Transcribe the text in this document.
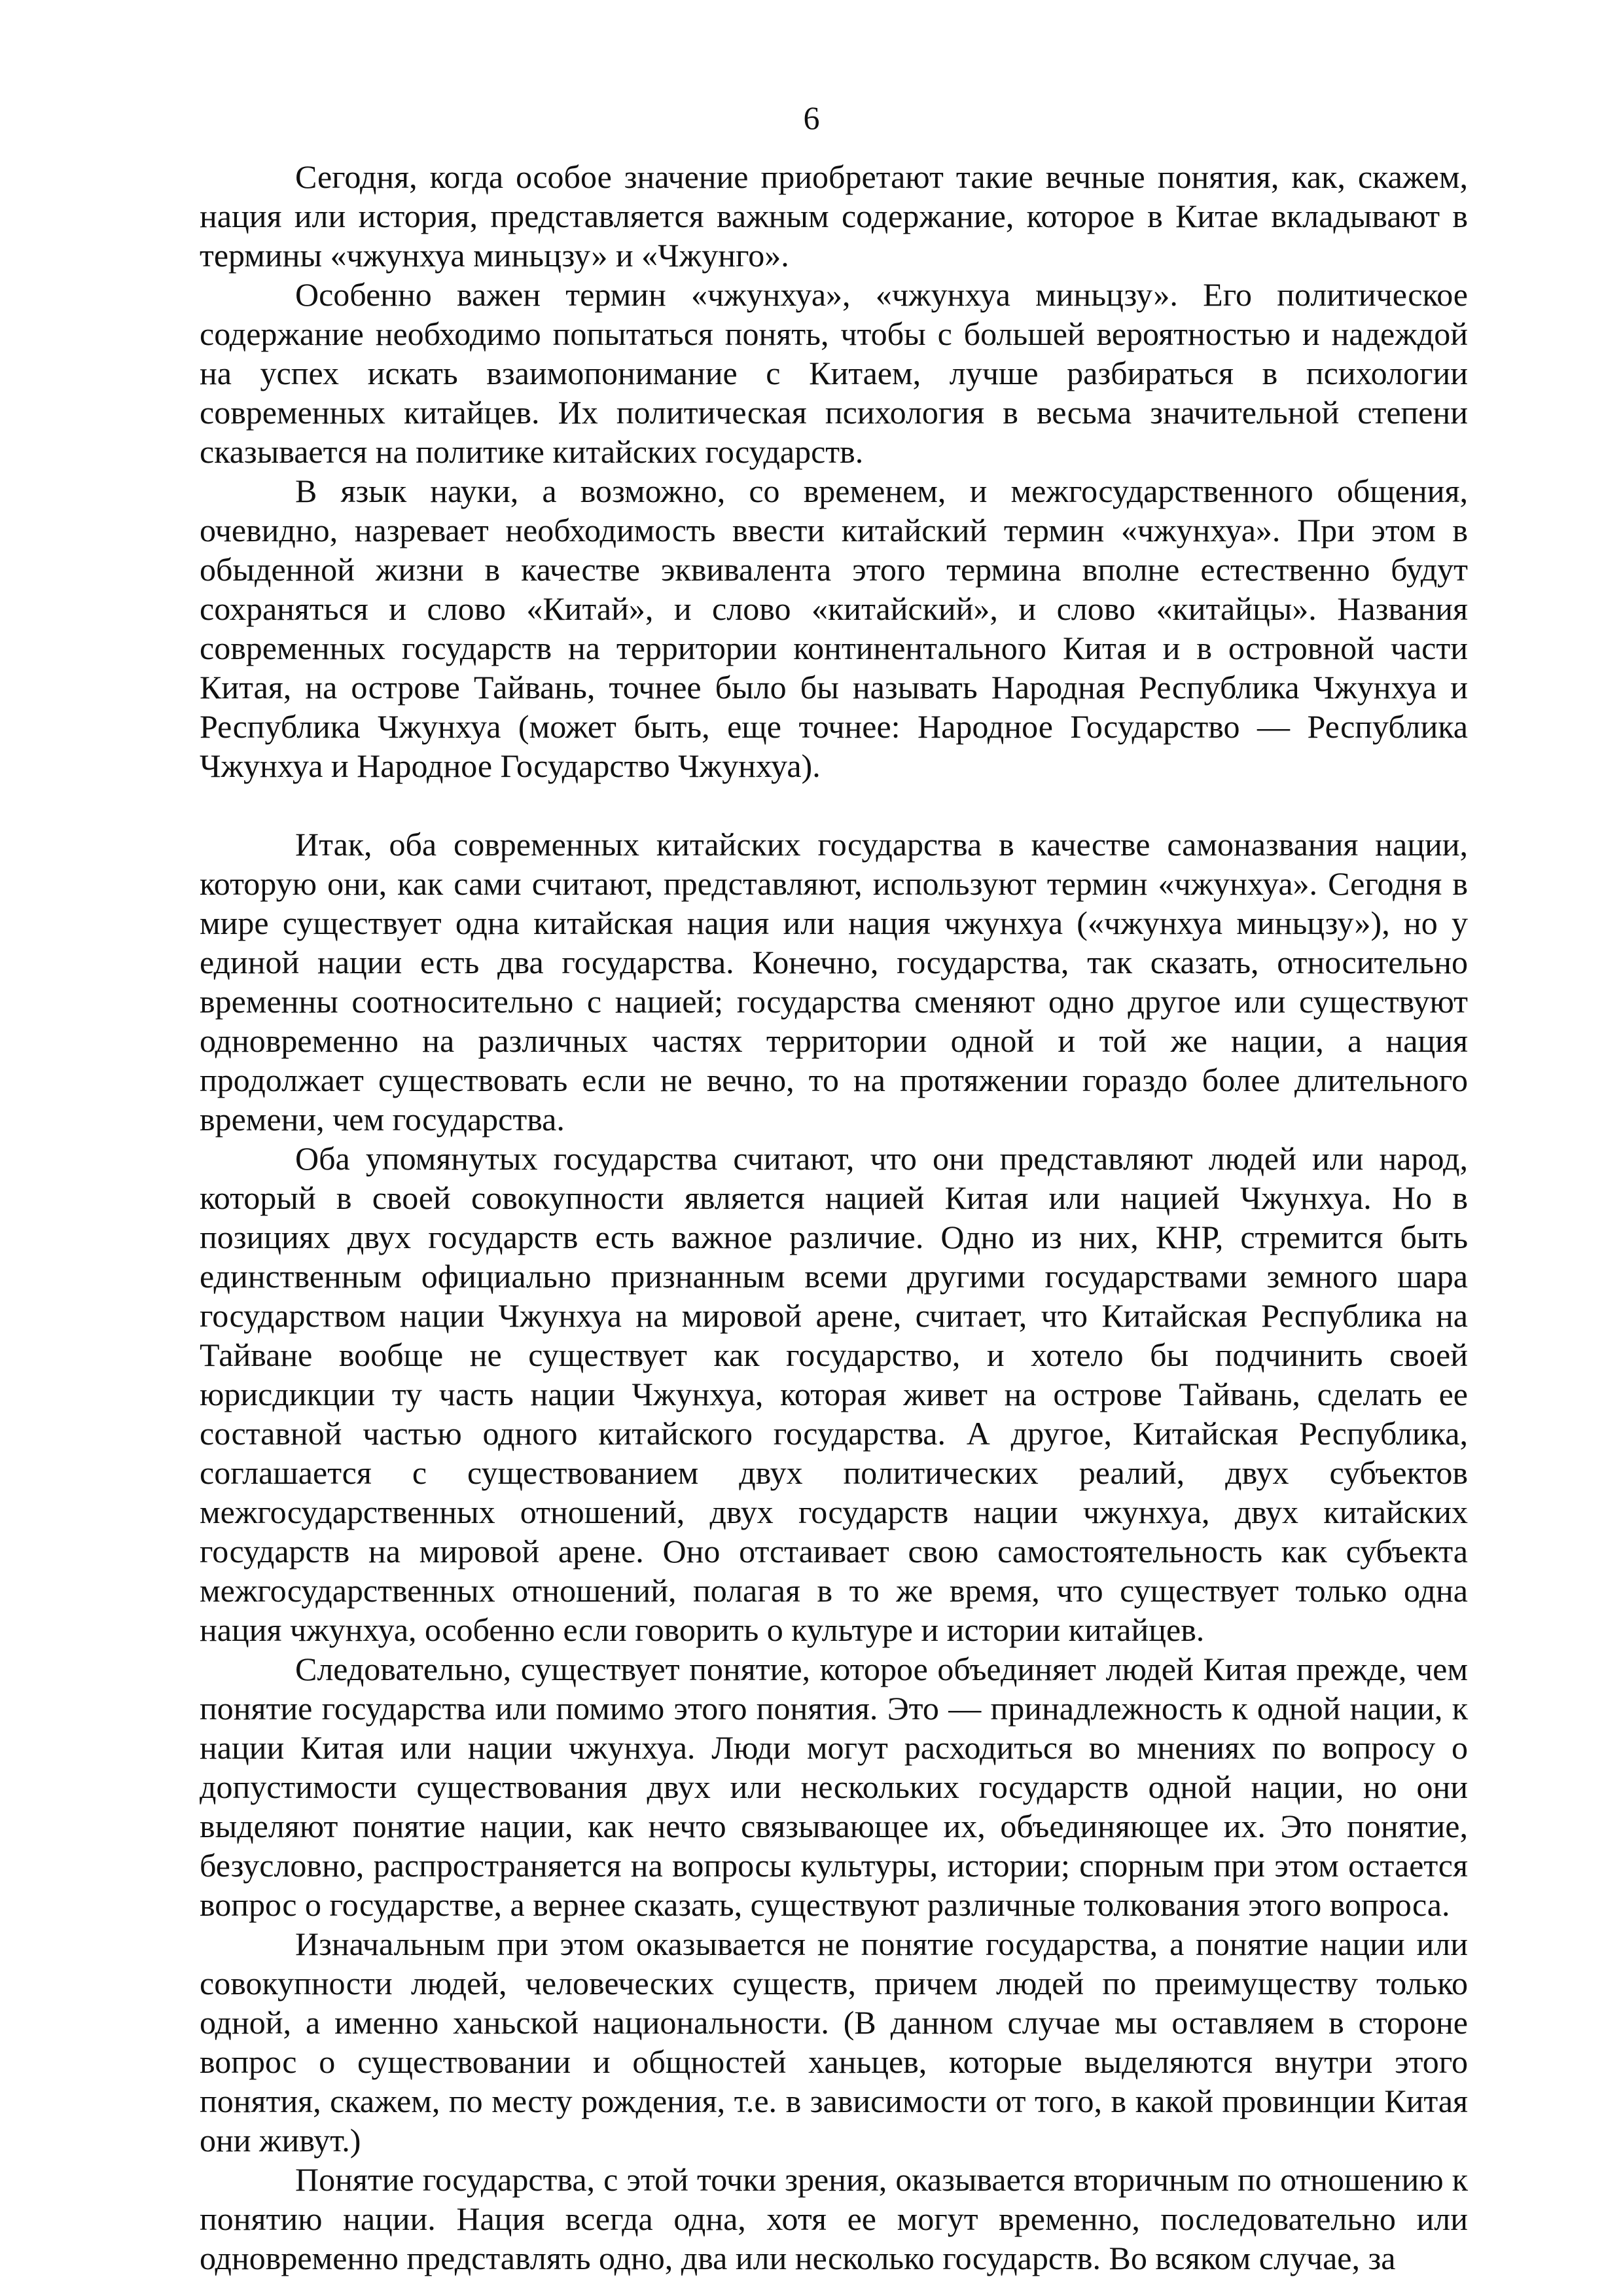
6

Сегодня, когда особое значение приобретают такие вечные понятия, как, скажем, нация или история, представляется важным содержание, которое в Китае вкладывают в термины «чжунхуа миньцзу» и «Чжунго».

Особенно важен термин «чжунхуа», «чжунхуа миньцзу». Его политическое содержание необходимо попытаться понять, чтобы с большей вероятностью и надеждой на успех искать взаимопонимание с Китаем, лучше разбираться в психологии современных китайцев. Их политическая психология в весьма значительной степени сказывается на политике китайских государств.

В язык науки, а возможно, со временем, и межгосударственного общения, очевидно, назревает необходимость ввести китайский термин «чжунхуа». При этом в обыденной жизни в качестве эквивалента этого термина вполне естественно будут сохраняться и слово «Китай», и слово «китайский», и слово «китайцы». Названия современных государств на территории континентального Китая и в островной части Китая, на острове Тайвань, точнее было бы называть Народная Республика Чжунхуа и Республика Чжунхуа (может быть, еще точнее: Народное Государство — Республика Чжунхуа и Народное Государство Чжунхуа).

Итак, оба современных китайских государства в качестве самоназвания нации, которую они, как сами считают, представляют, используют термин «чжунхуа». Сегодня в мире существует одна китайская нация или нация чжунхуа («чжунхуа миньцзу»), но у единой нации есть два государства. Конечно, государства, так сказать, относительно временны соотносительно с нацией; государства сменяют одно другое или существуют одновременно на различных частях территории одной и той же нации, а нация продолжает существовать если не вечно, то на протяжении гораздо более длительного времени, чем государства.

Оба упомянутых государства считают, что они представляют людей или народ, который в своей совокупности является нацией Китая или нацией Чжунхуа. Но в позициях двух государств есть важное различие. Одно из них, КНР, стремится быть единственным официально признанным всеми другими государствами земного шара государством нации Чжунхуа на мировой арене, считает, что Китайская Республика на Тайване вообще не существует как государство, и хотело бы подчинить своей юрисдикции ту часть нации Чжунхуа, которая живет на острове Тайвань, сделать ее составной частью одного китайского государства. А другое, Китайская Республика, соглашается с существованием двух политических реалий, двух субъектов межгосударственных отношений, двух государств нации чжунхуа, двух китайских государств на мировой арене. Оно отстаивает свою самостоятельность как субъекта межгосударственных отношений, полагая в то же время, что существует только одна нация чжунхуа, особенно если говорить о культуре и истории китайцев.

Следовательно, существует понятие, которое объединяет людей Китая прежде, чем понятие государства или помимо этого понятия. Это — принадлежность к одной нации, к нации Китая или нации чжунхуа. Люди могут расходиться во мнениях по вопросу о допустимости существования двух или нескольких государств одной нации, но они выделяют понятие нации, как нечто связывающее их, объединяющее их. Это понятие, безусловно, распространяется на вопросы культуры, истории; спорным при этом остается вопрос о государстве, а вернее сказать, существуют различные толкования этого вопроса.

Изначальным при этом оказывается не понятие государства, а понятие нации или совокупности людей, человеческих существ, причем людей по преимуществу только одной, а именно ханьской национальности. (В данном случае мы оставляем в стороне вопрос о существовании и общностей ханьцев, которые выделяются внутри этого понятия, скажем, по месту рождения, т.е. в зависимости от того, в какой провинции Китая они живут.)

Понятие государства, с этой точки зрения, оказывается вторичным по отношению к понятию нации. Нация всегда одна, хотя ее могут временно, последовательно или одновременно представлять одно, два или несколько государств. Во всяком случае, за
